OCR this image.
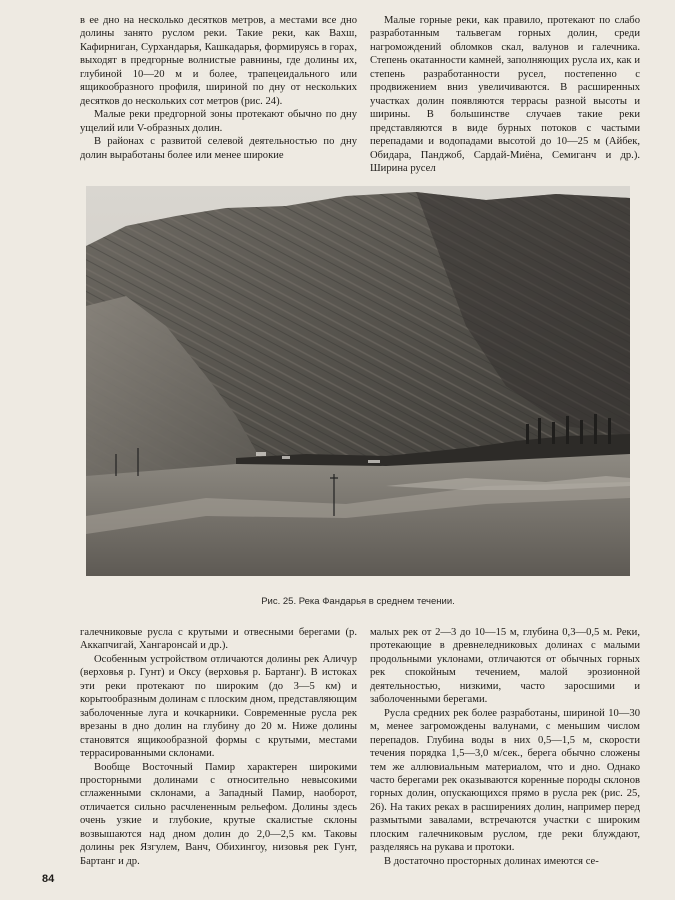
в ее дно на несколько десятков метров, а местами все дно долины занято руслом реки. Такие реки, как Вахш, Кафирниган, Сурхандарья, Кашкадарья, формируясь в горах, выходят в предгорные волнистые равнины, где долины их, глубиной 10—20 м и более, трапецеидального или ящикообразного профиля, шириной по дну от нескольких десятков до нескольких сот метров (рис. 24).

Малые реки предгорной зоны протекают обычно по дну ущелий или V-образных долин.

В районах с развитой селевой деятельностью по дну долин выработаны более или менее широкие

Малые горные реки, как правило, протекают по слабо разработанным тальвегам горных долин, среди нагромождений обломков скал, валунов и галечника. Степень окатанности камней, заполняющих русла их, как и степень разработанности русел, постепенно с продвижением вниз увеличиваются. В расширенных участках долин появляются террасы разной высоты и ширины. В большинстве случаев такие реки представляются в виде бурных потоков с частыми перепадами и водопадами высотой до 10—25 м (Айбек, Обидара, Панджоб, Сардай-Миёна, Семиганч и др.). Ширина русел

Рис. 25. Река Фандарья в среднем течении.

галечниковые русла с крутыми и отвесными берегами (р. Аккапчигай, Хангаронсай и др.).

Особенным устройством отличаются долины рек Аличур (верховья р. Гунт) и Оксу (верховья р. Бартанг). В истоках эти реки протекают по широким (до 3—5 км) и корытообразным долинам с плоским дном, представляющим заболоченные луга и кочкарники. Современные русла рек врезаны в дно долин на глубину до 20 м. Ниже долины становятся ящикообразной формы с крутыми, местами террасированными склонами.

Вообще Восточный Памир характерен широкими просторными долинами с относительно невысокими сглаженными склонами, а Западный Памир, наоборот, отличается сильно расчлененным рельефом. Долины здесь очень узкие и глубокие, крутые скалистые склоны возвышаются над дном долин до 2,0—2,5 км. Таковы долины рек Язгулем, Ванч, Обихингоу, низовья рек Гунт, Бартанг и др.

малых рек от 2—3 до 10—15 м, глубина 0,3—0,5 м. Реки, протекающие в древнеледниковых долинах с малыми продольными уклонами, отличаются от обычных горных рек спокойным течением, малой эрозионной деятельностью, низкими, часто заросшими и заболоченными берегами.

Русла средних рек более разработаны, шириной 10—30 м, менее загромождены валунами, с меньшим числом перепадов. Глубина воды в них 0,5—1,5 м, скорости течения порядка 1,5—3,0 м/сек., берега обычно сложены тем же аллювиальным материалом, что и дно. Однако часто берегами рек оказываются коренные породы склонов горных долин, опускающихся прямо в русла рек (рис. 25, 26). На таких реках в расширениях долин, например перед размытыми завалами, встречаются участки с широким плоским галечниковым руслом, где реки блуждают, разделяясь на рукава и протоки.

В достаточно просторных долинах имеются се-

84
